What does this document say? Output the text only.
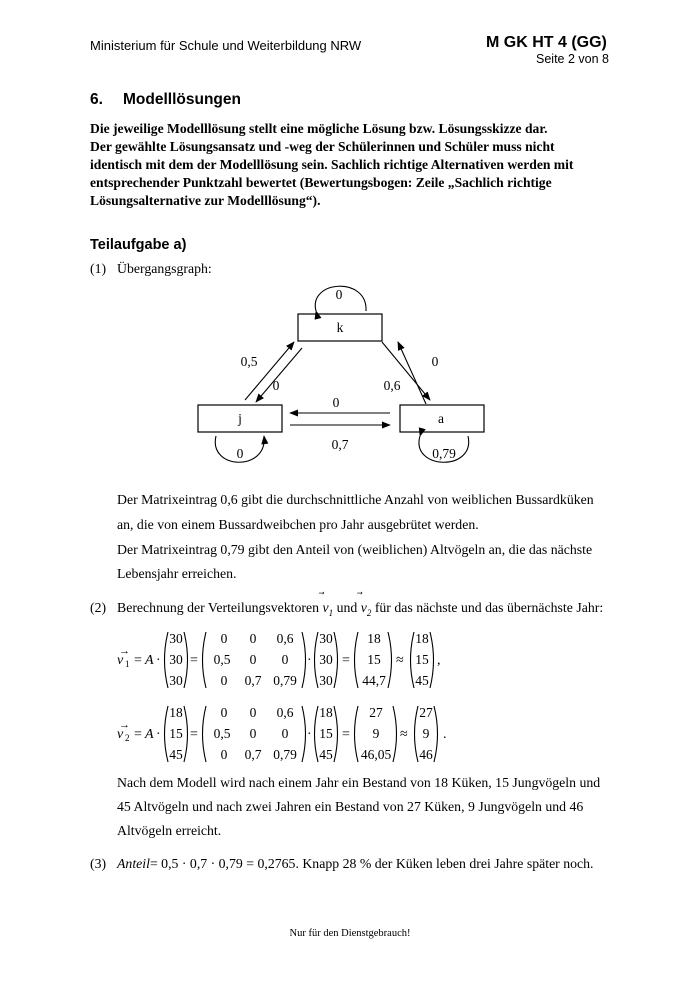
Ministerium für Schule und Weiterbildung NRW	M GK HT 4 (GG)
Seite 2 von 8
6. Modelllösungen
Die jeweilige Modelllösung stellt eine mögliche Lösung bzw. Lösungsskizze dar.
Der gewählte Lösungsansatz und -weg der Schülerinnen und Schüler muss nicht
identisch mit dem der Modelllösung sein. Sachlich richtige Alternativen werden mit
entsprechender Punktzahl bewertet (Bewertungsbogen: Zeile „Sachlich richtige
Lösungsalternative zur Modelllösung“).
Teilaufgabe a)
(1) Übergangsgraph:
k
j	a
0
0	0,79
0,5
0
0
0,6
0
0,7
Der Matrixeintrag 0,6 gibt die durchschnittliche Anzahl von weiblichen Bussardküken
an, die von einem Bussardweibchen pro Jahr ausgebrütet werden.
Der Matrixeintrag 0,79 gibt den Anteil von (weiblichen) Altvögeln an, die das nächste
Lebensjahr erreichen.
(2) Berechnung der Verteilungsvektoren $v_1$ und $v_2$ für das nächste und das übernächste Jahr:
v
→
1 = A ·
30
30
30
=
0 0 0,6
0,5 0 0
0 0,7 0,79
·
30
30
30
=
18
15
44,7
≈
18
15
45
,
v
→
2 = A ·
18
15
45
=
0 0 0,6
0,5 0 0
0 0,7 0,79
·
18
15
45
=
27
9
46,05
≈
27
9
46
.
Nach dem Modell wird nach einem Jahr ein Bestand von 18 Küken, 15 Jungvögeln und
45 Altvögeln und nach zwei Jahren ein Bestand von 27 Küken, 9 Jungvögeln und 46
Altvögeln erreicht.
(3) Anteil= 0,5 · 0,7 · 0,79 = 0,2765. Knapp 28 % der Küken leben drei Jahre später noch.
Nur für den Dienstgebrauch!
